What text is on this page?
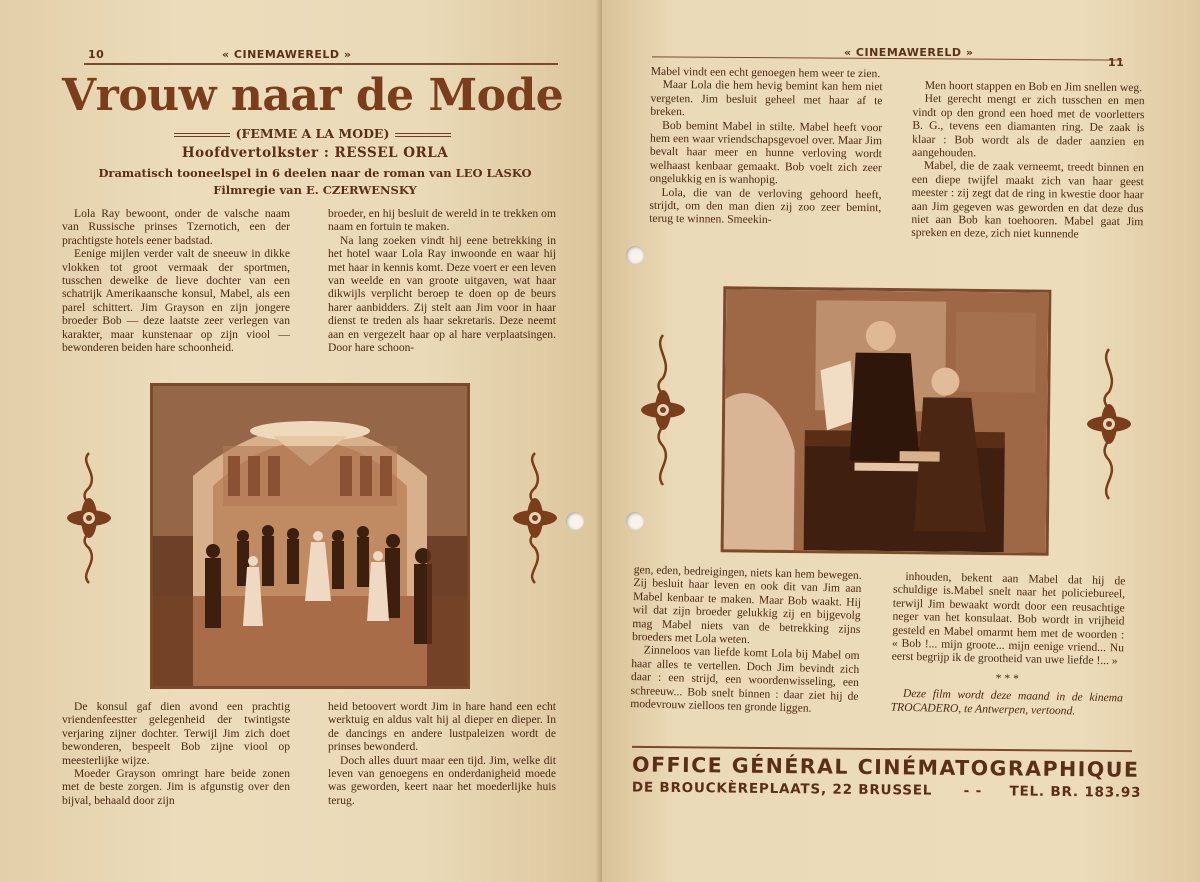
10	« CINEMAWERELD »
Vrouw naar de Mode
(FEMME A LA MODE)
Hoofdvertolkster : RESSEL ORLA
Dramatisch tooneelspel in 6 deelen naar de roman van LEO LASKO
Filmregie van E. CZERWENSKY

Lola Ray bewoont, onder de valsche naam van Russische prinses Tzernotich, een der prachtigste hotels eener badstad.

Eenige mijlen verder valt de sneeuw in dikke vlokken tot groot vermaak der sportmen, tusschen dewelke de lieve dochter van een schatrijk Amerikaansche konsul, Mabel, als een parel schittert. Jim Grayson en zijn jongere broeder Bob — deze laatste zeer verlegen van karakter, maar kunstenaar op zijn viool — bewonderen beiden hare schoonheid.

broeder, en hij besluit de wereld in te trekken om naam en fortuin te maken.

Na lang zoeken vindt hij eene betrekking in het hotel waar Lola Ray inwoonde en waar hij met haar in kennis komt. Deze voert er een leven van weelde en van groote uitgaven, wat haar dikwijls verplicht beroep te doen op de beurs harer aanbidders. Zij stelt aan Jim voor in haar dienst te treden als haar sekretaris. Deze neemt aan en vergezelt haar op al hare verplaatsingen. Door hare schoon-

De konsul gaf dien avond een prachtig vriendenfeestter gelegenheid der twintigste verjaring zijner dochter. Terwijl Jim zich doet bewonderen, bespeelt Bob zijne viool op meesterlijke wijze.

Moeder Grayson omringt hare beide zonen met de beste zorgen. Jim is afgunstig over den bijval, behaald door zijn

heid betoovert wordt Jim in hare hand een echt werktuig en aldus valt hij al dieper en dieper. In de dancings en andere lustpaleizen wordt de prinses bewonderd.

Doch alles duurt maar een tijd. Jim, welke dit leven van genoegens en onderdanigheid moede was geworden, keert naar het moederlijke huis terug.

« CINEMAWERELD »
11

Mabel vindt een echt genoegen hem weer te zien.

Maar Lola die hem hevig bemint kan hem niet vergeten. Jim besluit geheel met haar af te breken.

Bob bemint Mabel in stilte. Mabel heeft voor hem een waar vriendschapsgevoel over. Maar Jim bevalt haar meer en hunne verloving wordt welhaast kenbaar gemaakt. Bob voelt zich zeer ongelukkig en is wanhopig.

Lola, die van de verloving gehoord heeft, strijdt, om den man dien zij zoo zeer bemint, terug te winnen. Smeekin-

Men hoort stappen en Bob en Jim snellen weg.

Het gerecht mengt er zich tusschen en men vindt op den grond een hoed met de voorletters B. G., tevens een diamanten ring. De zaak is klaar : Bob wordt als de dader aanzien en aangehouden.

Mabel, die de zaak verneemt, treedt binnen en een diepe twijfel maakt zich van haar geest meester : zij zegt dat de ring in kwestie door haar aan Jim gegeven was geworden en dat deze dus niet aan Bob kan toehooren. Mabel gaat Jim spreken en deze, zich niet kunnende

gen, eden, bedreigingen, niets kan hem bewegen. Zij besluit haar leven en ook dit van Jim aan Mabel kenbaar te maken. Maar Bob waakt. Hij wil dat zijn broeder gelukkig zij en bijgevolg mag Mabel niets van de betrekking zijns broeders met Lola weten.

Zinneloos van liefde komt Lola bij Mabel om haar alles te vertellen. Doch Jim bevindt zich daar : een strijd, een woordenwisseling, een schreeuw... Bob snelt binnen : daar ziet hij de modevrouw zielloos ten gronde liggen.

inhouden, bekent aan Mabel dat hij de schuldige is.Mabel snelt naar het policiebureel, terwijl Jim bewaakt wordt door een reusachtige neger van het konsulaat. Bob wordt in vrijheid gesteld en Mabel omarmt hem met de woorden : « Bob !... mijn groote... mijn eenige vriend... Nu eerst begrijp ik de grootheid van uwe liefde !... »

* * *

Deze film wordt deze maand in de kinema TROCADERO, te Antwerpen, vertoond.

OFFICE GÉNÉRAL CINÉMATOGRAPHIQUE
DE BROUCKÈREPLAATS, 22 BRUSSEL - - TEL. BR. 183.93
